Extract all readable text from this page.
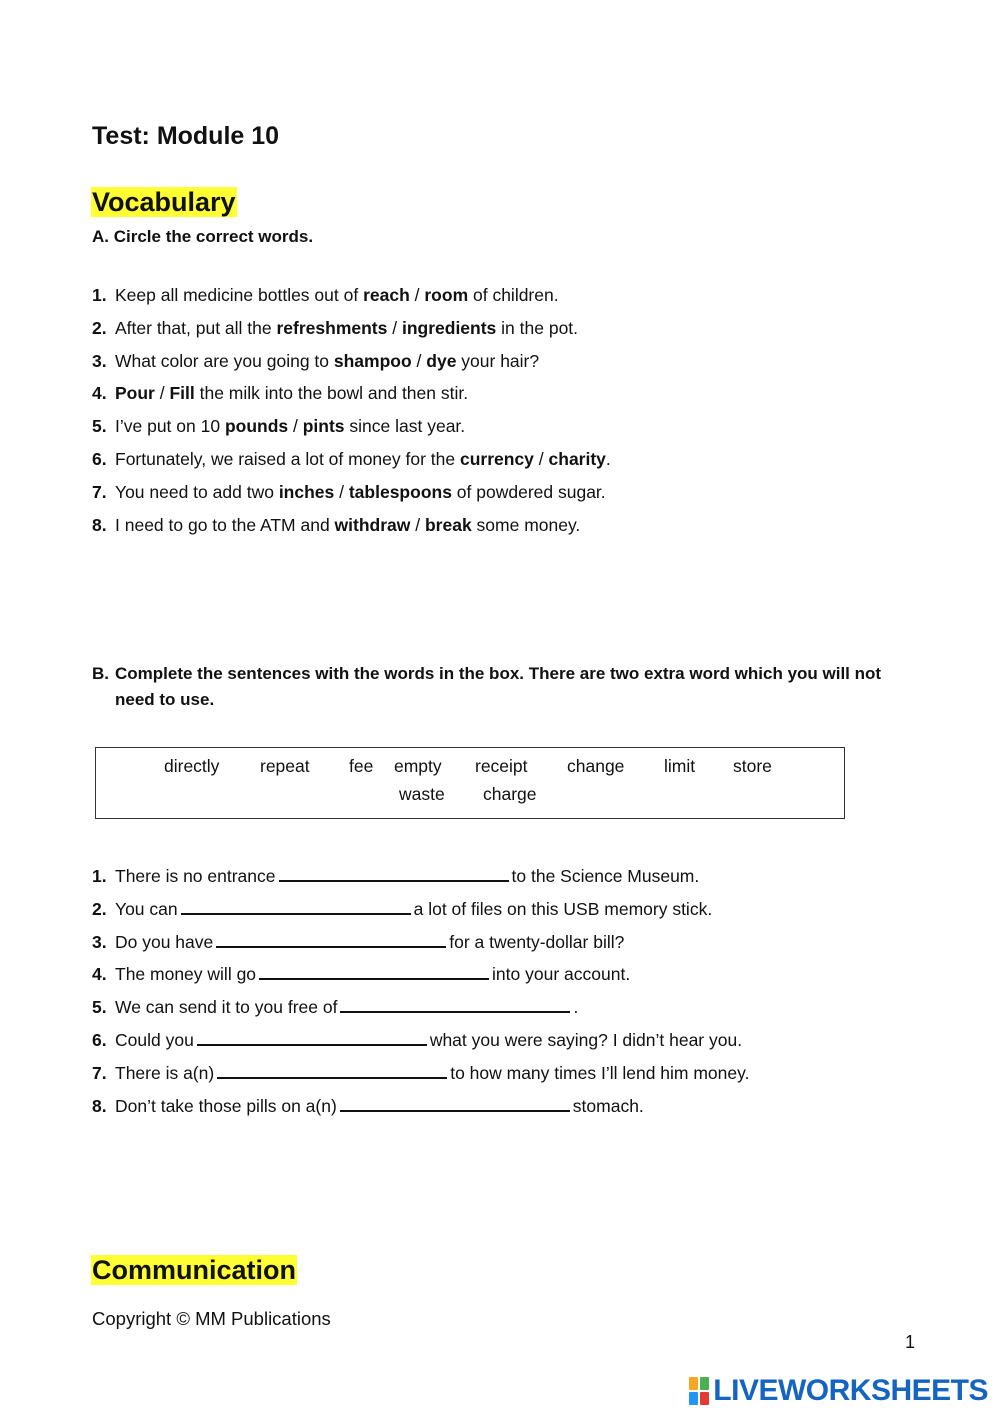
Test: Module 10
Vocabulary
A. Circle the correct words.
1. Keep all medicine bottles out of reach / room of children.
2. After that, put all the refreshments / ingredients in the pot.
3. What color are you going to shampoo / dye your hair?
4. Pour / Fill the milk into the bowl and then stir.
5. I’ve put on 10 pounds / pints since last year.
6. Fortunately, we raised a lot of money for the currency / charity.
7. You need to add two inches / tablespoons of powdered sugar.
8. I need to go to the ATM and withdraw / break some money.
B. Complete the sentences with the words in the box. There are two extra word which you will not need to use.
directly repeat fee empty receipt change limit store
waste charge
1. There is no entrance	to the Science Museum.
2. You can	a lot of files on this USB memory stick.
3. Do you have	for a twenty-dollar bill?
4. The money will go	into your account.
5. We can send it to you free of	.
6. Could you	what you were saying? I didn’t hear you.
7. There is a(n)	to how many times I’ll lend him money.
8. Don’t take those pills on a(n)	stomach.
Communication
Copyright © MM Publications
1
LIVEWORKSHEETS
